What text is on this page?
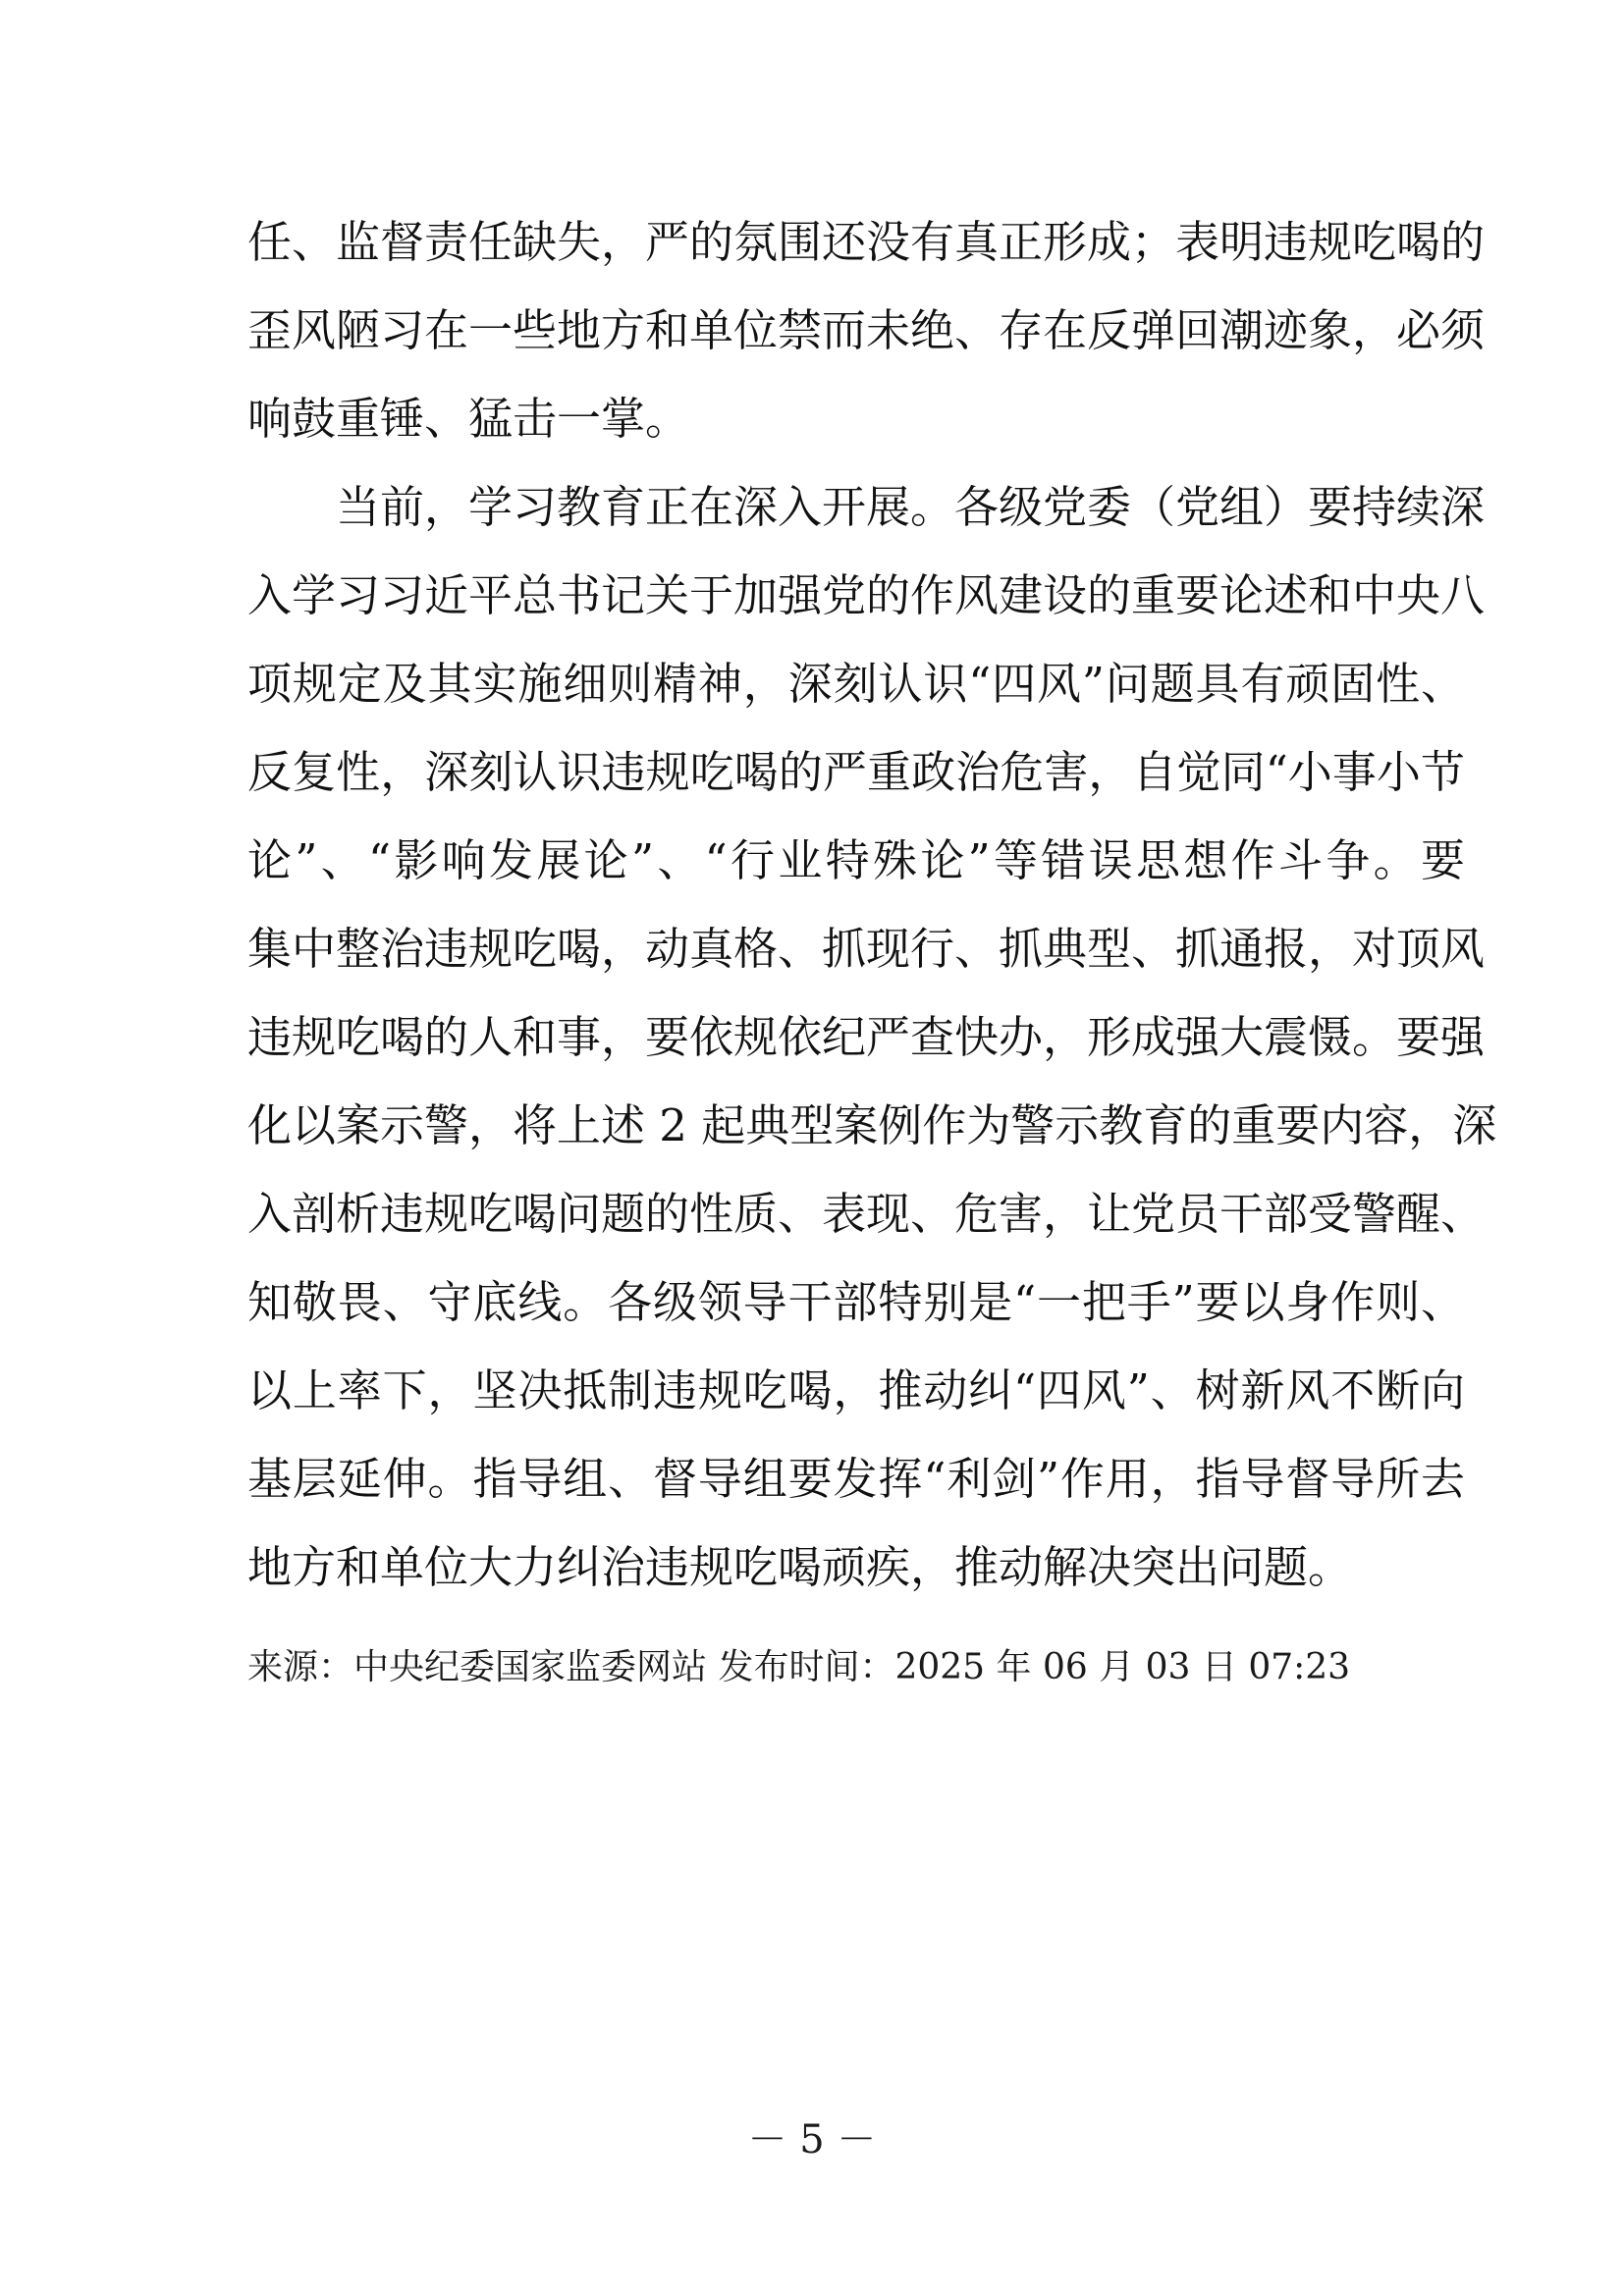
任、监督责任缺失，严的氛围还没有真正形成；表明违规吃喝的
歪风陋习在一些地方和单位禁而未绝、存在反弹回潮迹象，必须
响鼓重锤、猛击一掌。
当前，学习教育正在深入开展。各级党委（党组）要持续深
入学习习近平总书记关于加强党的作风建设的重要论述和中央八
项规定及其实施细则精神，深刻认识“四风”问题具有顽固性、
反复性，深刻认识违规吃喝的严重政治危害，自觉同“小事小节
论”、“影响发展论”、“行业特殊论”等错误思想作斗争。要
集中整治违规吃喝，动真格、抓现行、抓典型、抓通报，对顶风
违规吃喝的人和事，要依规依纪严查快办，形成强大震慑。要强
化以案示警，将上述 2 起典型案例作为警示教育的重要内容，深
入剖析违规吃喝问题的性质、表现、危害，让党员干部受警醒、
知敬畏、守底线。各级领导干部特别是“一把手”要以身作则、
以上率下，坚决抵制违规吃喝，推动纠“四风”、树新风不断向
基层延伸。指导组、督导组要发挥“利剑”作用，指导督导所去
地方和单位大力纠治违规吃喝顽疾，推动解决突出问题。
来源：中央纪委国家监委网站 发布时间：2025 年 06 月 03 日 07:23
－ 5 －
